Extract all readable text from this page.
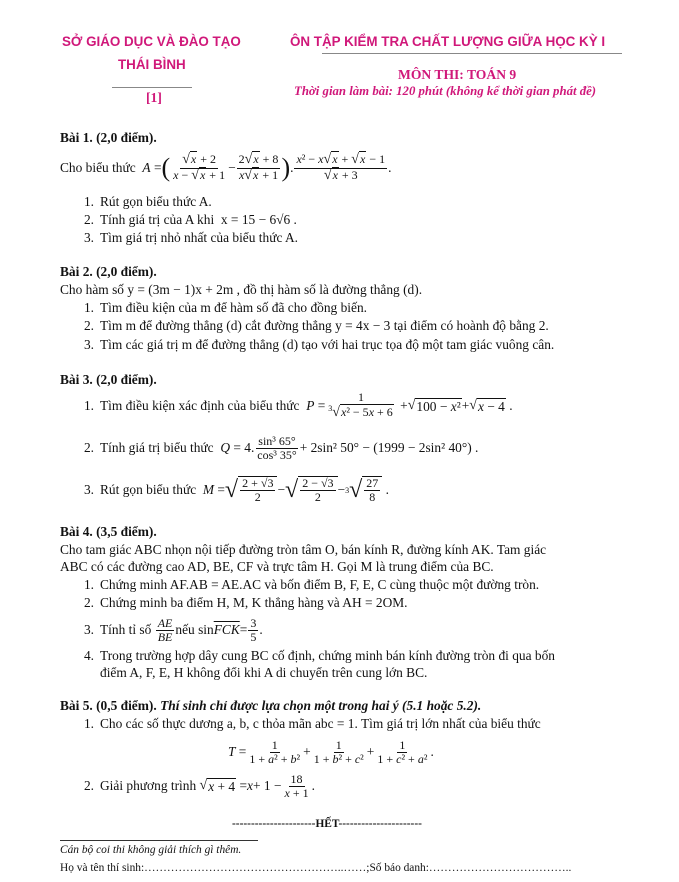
SỞ GIÁO DỤC VÀ ĐÀO TẠO
THÁI BÌNH
[1]
ÔN TẬP KIỂM TRA CHẤT LƯỢNG GIỮA HỌC KỲ I
MÔN THI: TOÁN 9
Thời gian làm bài: 120 phút (không kể thời gian phát đề)
Bài 1. (2,0 điểm).
Cho biểu thức
A = ( $\frac{√x + 2}{x - √x + 1} - \frac{2√x + 8}{x√x + 1}$ ) . $\frac{\text{x² − x√x + √x − 1}}{√x + 3}$ .
1. Rút gọn biểu thức A.
2. Tính giá trị của A khi x = 15 − 6√6 .
3. Tìm giá trị nhỏ nhất của biểu thức A.
Bài 2. (2,0 điểm).
Cho hàm số y = (3m − 1)x + 2m , đồ thị hàm số là đường thẳng (d).
1. Tìm điều kiện của m để hàm số đã cho đồng biến.
2. Tìm m để đường thẳng (d) cắt đường thẳng y = 4x − 3 tại điểm có hoành độ bằng 2.
3. Tìm các giá trị m để đường thẳng (d) tạo với hai trục tọa độ một tam giác vuông cân.
Bài 3. (2,0 điểm).
1. Tìm điều kiện xác định của biểu thức
$P = \frac{1}{^3√x^2 - 5x + 6}$ + √ 100 − x² + √ x − 4 .
2. Tính giá trị biểu thức
Q = 4. $\frac{\text{sin³ 65°}}{\text{cos³ 35°}} + 2\sin^2$ 50° − (1999 − 2sin² 40°) .
3. Rút gọn biểu thức
M = √ $\frac{2 + √3}{2}$ − √ $\frac{2 - √3}{2} - 3$ √ $\frac{27}{8}$ .
Bài 4. (3,5 điểm).
Cho tam giác ABC nhọn nội tiếp đường tròn tâm O, bán kính R, đường kính AK. Tam giác
ABC có các đường cao AD, BE, CF và trực tâm H. Gọi M là trung điểm của BC.
1. Chứng minh AF.AB = AE.AC và bốn điểm B, F, E, C cùng thuộc một đường tròn.
2. Chứng minh ba điểm H, M, K thẳng hàng và AH = 2OM.
3. Tính tỉ số
$\frac{AE}{BE}$ nếu $\sin \overline{FCK} = \frac{3}{5}$ .
4. Trong trường hợp dây cung BC cố định, chứng minh bán kính đường tròn đi qua bốn
điểm A, F, E, H không đổi khi A di chuyển trên cung lớn BC.
Bài 5. (0,5 điểm). Thí sinh chỉ được lựa chọn một trong hai ý (5.1 hoặc 5.2).
1. Cho các số thực dương a, b, c thỏa mãn abc = 1. Tìm giá trị lớn nhất của biểu thức
$T = \frac{1}{\text{1 + a² + b²}} + \frac{1}{\text{1 + b² + c²}} + \frac{1}{\text{1 + c² + a²}}$ .
2. Giải phương trình
√ $x + 4 = x + 1 - \frac{18}{x + 1}$ .
----------------------HẾT----------------------
Cán bộ coi thi không giải thích gì thêm.
Họ và tên thí sinh:……………………………………………..……;Số báo danh:………………………………..
